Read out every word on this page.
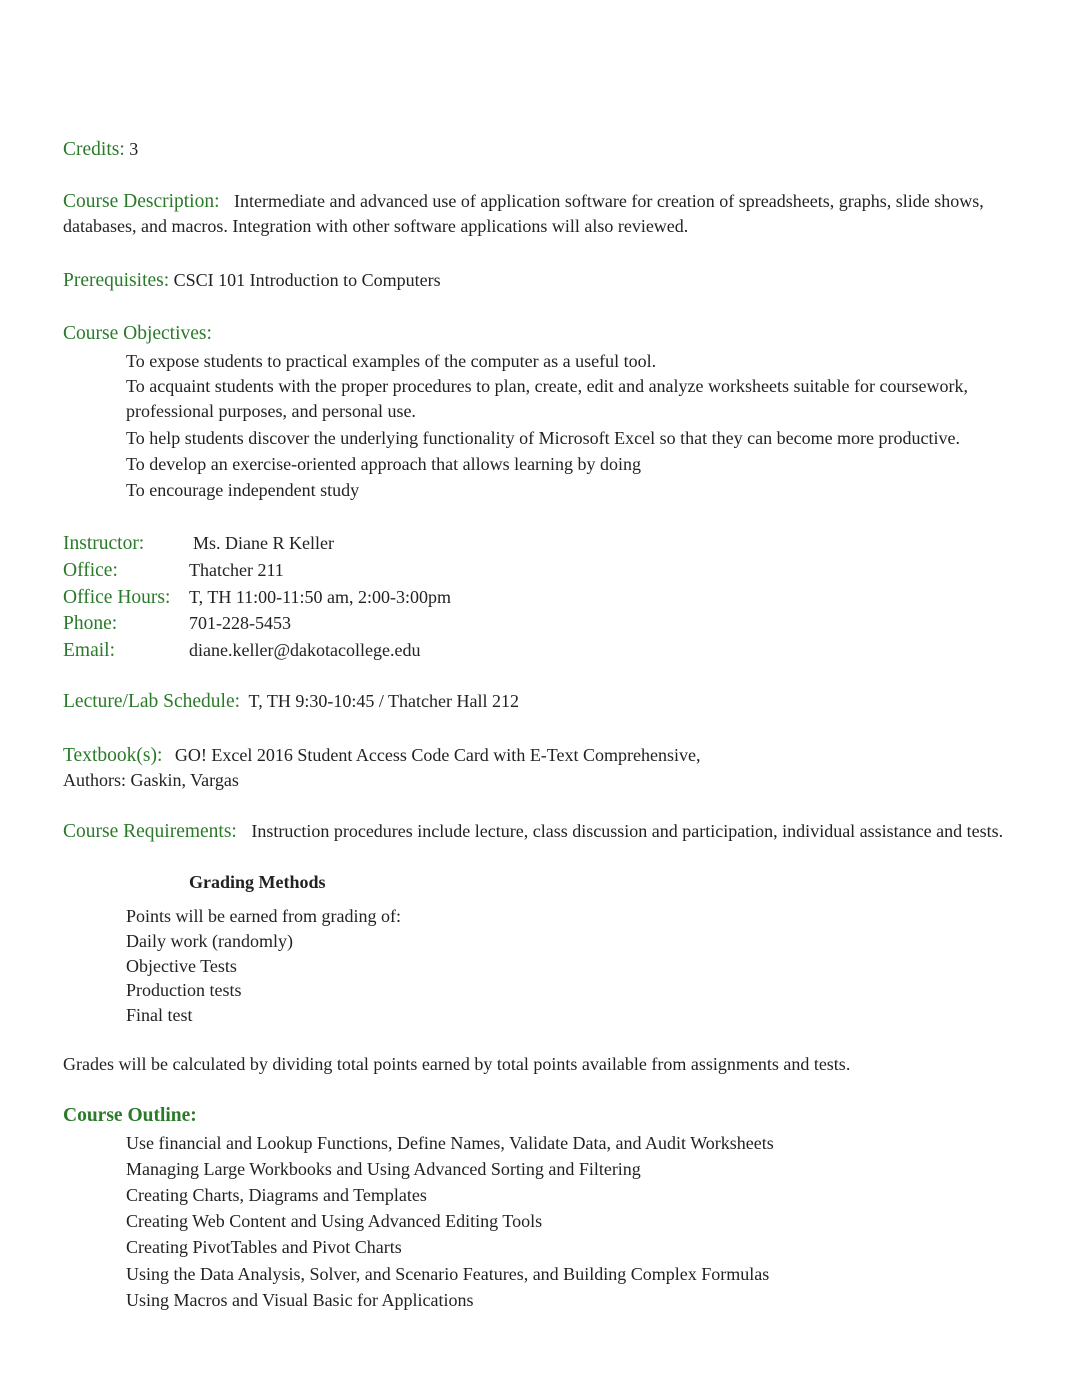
Credits: 3
Course Description: Intermediate and advanced use of application software for creation of spreadsheets, graphs, slide shows, databases, and macros. Integration with other software applications will also reviewed.
Prerequisites: CSCI 101 Introduction to Computers
Course Objectives:
To expose students to practical examples of the computer as a useful tool.
To acquaint students with the proper procedures to plan, create, edit and analyze worksheets suitable for coursework, professional purposes, and personal use.
To help students discover the underlying functionality of Microsoft Excel so that they can become more productive.
To develop an exercise-oriented approach that allows learning by doing
To encourage independent study
Instructor:	Ms. Diane R Keller
Office:	Thatcher 211
Office Hours: T, TH 11:00-11:50 am, 2:00-3:00pm
Phone:	701-228-5453
Email:	diane.keller@dakotacollege.edu
Lecture/Lab Schedule: T, TH 9:30-10:45 / Thatcher Hall 212
Textbook(s): GO! Excel 2016 Student Access Code Card with E-Text Comprehensive,
Authors: Gaskin, Vargas
Course Requirements: Instruction procedures include lecture, class discussion and participation, individual assistance and tests.
Grading Methods
Points will be earned from grading of:
Daily work (randomly)
Objective Tests
Production tests
Final test
Grades will be calculated by dividing total points earned by total points available from assignments and tests.
Course Outline:
Use financial and Lookup Functions, Define Names, Validate Data, and Audit Worksheets
Managing Large Workbooks and Using Advanced Sorting and Filtering
Creating Charts, Diagrams and Templates
Creating Web Content and Using Advanced Editing Tools
Creating PivotTables and Pivot Charts
Using the Data Analysis, Solver, and Scenario Features, and Building Complex Formulas
Using Macros and Visual Basic for Applications
